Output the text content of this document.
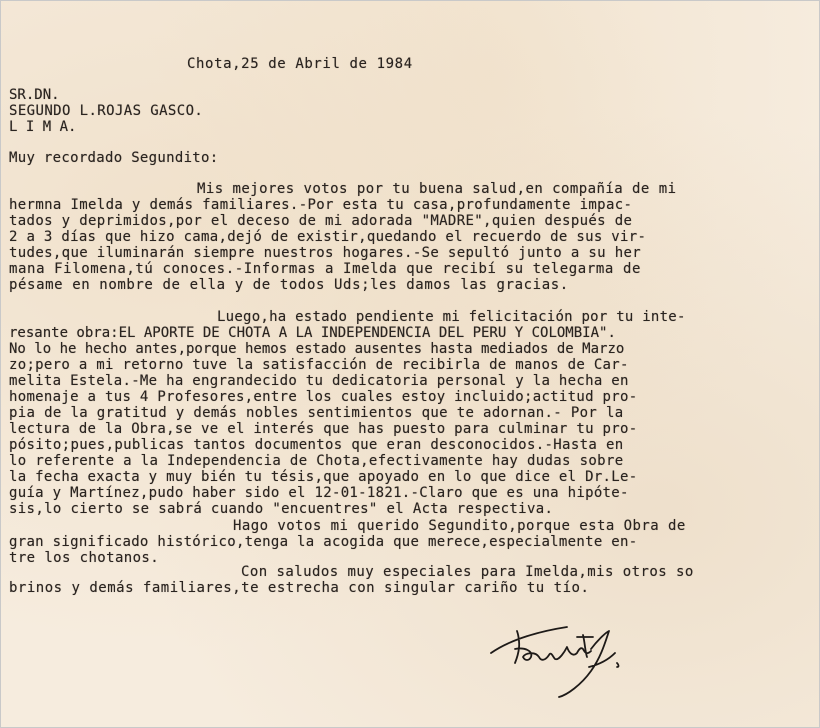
Chota,25 de Abril de 1984
SR.DN.
SEGUNDO L.ROJAS GASCO.
L I M A.
Muy recordado Segundito:
Mis mejores votos por tu buena salud,en compañía de mi
hermna Imelda y demás familiares.-Por esta tu casa,profundamente impac-
tados y deprimidos,por el deceso de mi adorada "MADRE",quien después de
2 a 3 días que hizo cama,dejó de existir,quedando el recuerdo de sus vir-
tudes,que iluminarán siempre nuestros hogares.-Se sepultó junto a su her
mana Filomena,tú conoces.-Informas a Imelda que recibí su telegarma de
pésame en nombre de ella y de todos Uds;les damos las gracias.
Luego,ha estado pendiente mi felicitación por tu inte-
resante obra:EL APORTE DE CHOTA A LA INDEPENDENCIA DEL PERU Y COLOMBIA".
No lo he hecho antes,porque hemos estado ausentes hasta mediados de Marzo
zo;pero a mi retorno tuve la satisfacción de recibirla de manos de Car-
melita Estela.-Me ha engrandecido tu dedicatoria personal y la hecha en
homenaje a tus 4 Profesores,entre los cuales estoy incluido;actitud pro-
pia de la gratitud y demás nobles sentimientos que te adornan.- Por la
lectura de la Obra,se ve el interés que has puesto para culminar tu pro-
pósito;pues,publicas tantos documentos que eran desconocidos.-Hasta en
lo referente a la Independencia de Chota,efectivamente hay dudas sobre
la fecha exacta y muy bién tu tésis,que apoyado en lo que dice el Dr.Le-
guía y Martínez,pudo haber sido el 12-01-1821.-Claro que es una hipóte-
sis,lo cierto se sabrá cuando "encuentres" el Acta respectiva.
Hago votos mi querido Segundito,porque esta Obra de
gran significado histórico,tenga la acogida que merece,especialmente en-
tre los chotanos.
Con saludos muy especiales para Imelda,mis otros so
brinos y demás familiares,te estrecha con singular cariño tu tío.
